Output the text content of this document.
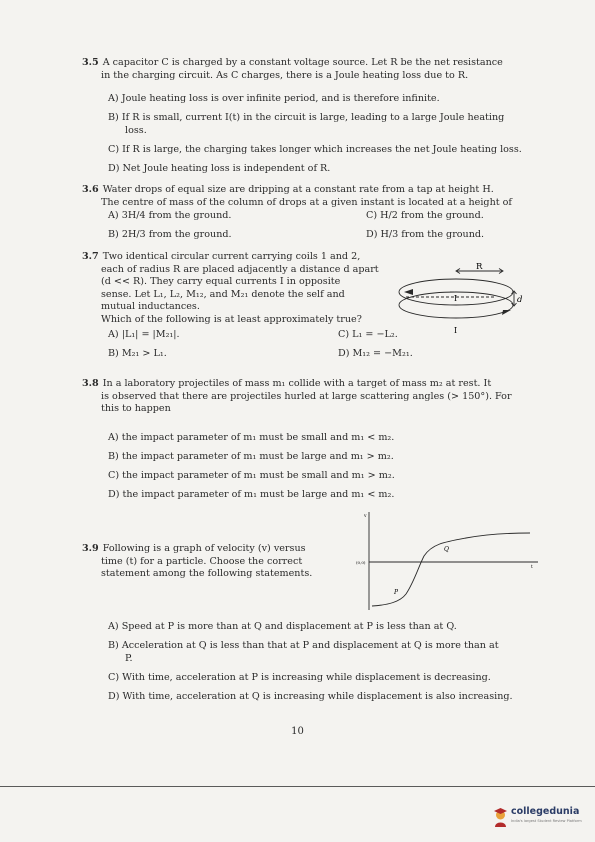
3.5 A capacitor C is charged by a constant voltage source. Let R be the net resistance
in the charging circuit. As C charges, there is a Joule heating loss due to R.
A) Joule heating loss is over infinite period, and is therefore infinite.
B) If R is small, current I(t) in the circuit is large, leading to a large Joule heating
loss.
C) If R is large, the charging takes longer which increases the net Joule heating loss.
D) Net Joule heating loss is independent of R.
3.6 Water drops of equal size are dripping at a constant rate from a tap at height H.
The centre of mass of the column of drops at a given instant is located at a height of
A) 3H/4 from the ground.	C) H/2 from the ground.
B) 2H/3 from the ground.	D) H/3 from the ground.
3.7 Two identical circular current carrying coils 1 and 2,
each of radius R are placed adjacently a distance d apart
(d << R). They carry equal currents I in opposite
sense. Let L₁, L₂, M₁₂, and M₂₁ denote the self and
mutual inductances.
Which of the following is at least approximately true?
A) |L₁| = |M₂₁|.	C) L₁ = −L₂.
B) M₂₁ > L₁.	D) M₁₂ = −M₂₁.
R
d
I
I
3.8 In a laboratory projectiles of mass m₁ collide with a target of mass m₂ at rest. It
is observed that there are projectiles hurled at large scattering angles (> 150°). For
this to happen
A) the impact parameter of m₁ must be small and m₁ < m₂.
B) the impact parameter of m₁ must be large and m₁ > m₂.
C) the impact parameter of m₁ must be small and m₁ > m₂.
D) the impact parameter of m₁ must be large and m₁ < m₂.
3.9 Following is a graph of velocity (v) versus
time (t) for a particle. Choose the correct
statement among the following statements.
(0,0)
v
t
P
Q
A) Speed at P is more than at Q and displacement at P is less than at Q.
B) Acceleration at Q is less than that at P and displacement at Q is more than at
P.
C) With time, acceleration at P is increasing while displacement is decreasing.
D) With time, acceleration at Q is increasing while displacement is also increasing.
10
collegedunia
India's largest Student Review Platform
